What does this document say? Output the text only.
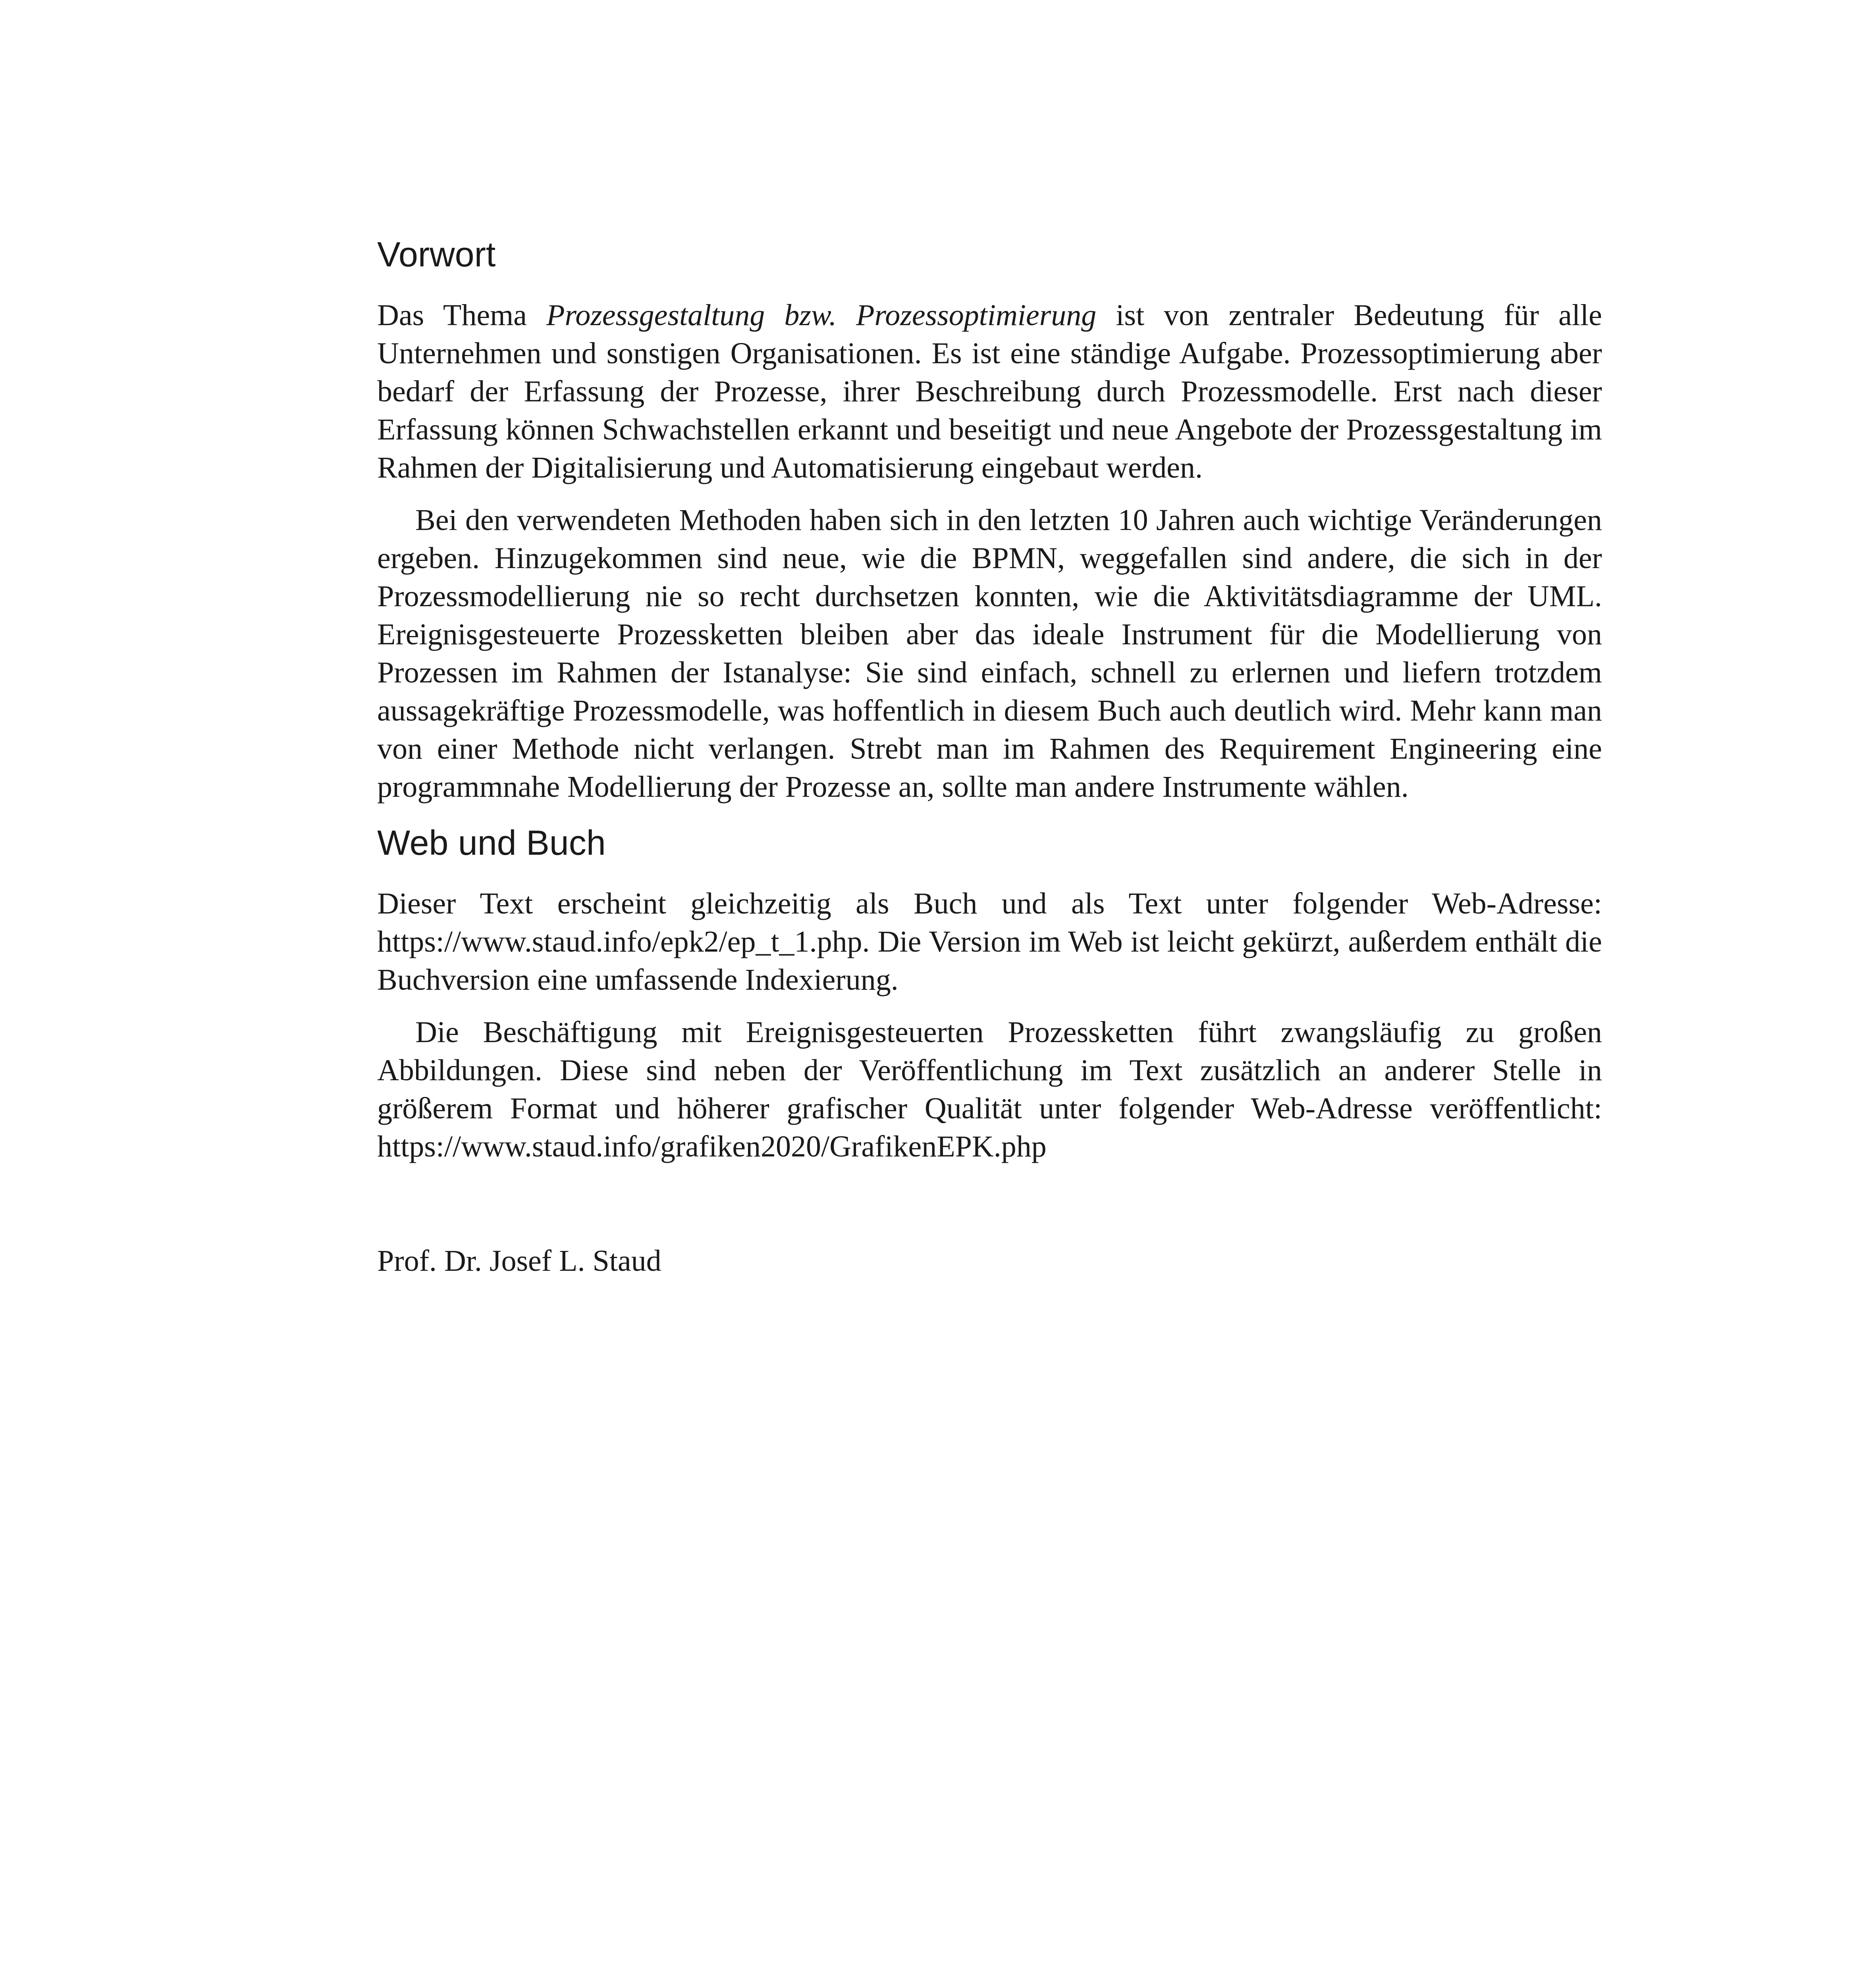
Vorwort

Das Thema Prozessgestaltung bzw. Prozessoptimierung ist von zentraler Bedeutung für alle Unternehmen und sonstigen Organisationen. Es ist eine ständige Aufgabe. Prozessoptimierung aber bedarf der Erfassung der Prozesse, ihrer Beschreibung durch Prozessmodelle. Erst nach dieser Erfassung können Schwachstellen erkannt und beseitigt und neue Angebote der Prozessgestaltung im Rahmen der Digitalisierung und Automatisierung eingebaut werden.

Bei den verwendeten Methoden haben sich in den letzten 10 Jahren auch wichtige Veränderungen ergeben. Hinzugekommen sind neue, wie die BPMN, weggefallen sind andere, die sich in der Prozessmodellierung nie so recht durchsetzen konnten, wie die Aktivitätsdiagramme der UML. Ereignisgesteuerte Prozessketten bleiben aber das ideale Instrument für die Modellierung von Prozessen im Rahmen der Istanalyse: Sie sind einfach, schnell zu erlernen und liefern trotzdem aussagekräftige Prozessmodelle, was hoffentlich in diesem Buch auch deutlich wird. Mehr kann man von einer Methode nicht verlangen. Strebt man im Rahmen des Requirement Engineering eine programmnahe Modellierung der Prozesse an, sollte man andere Instrumente wählen.

Web und Buch

Dieser Text erscheint gleichzeitig als Buch und als Text unter folgender Web-Adresse: https://www.staud.info/epk2/ep_t_1.php. Die Version im Web ist leicht gekürzt, außerdem enthält die Buchversion eine umfassende Indexierung.

Die Beschäftigung mit Ereignisgesteuerten Prozessketten führt zwangsläufig zu großen Abbildungen. Diese sind neben der Veröffentlichung im Text zusätzlich an anderer Stelle in größerem Format und höherer grafischer Qualität unter folgender Web-Adresse veröffentlicht: https://www.staud.info/grafiken2020/GrafikenEPK.php

Prof. Dr. Josef L. Staud
